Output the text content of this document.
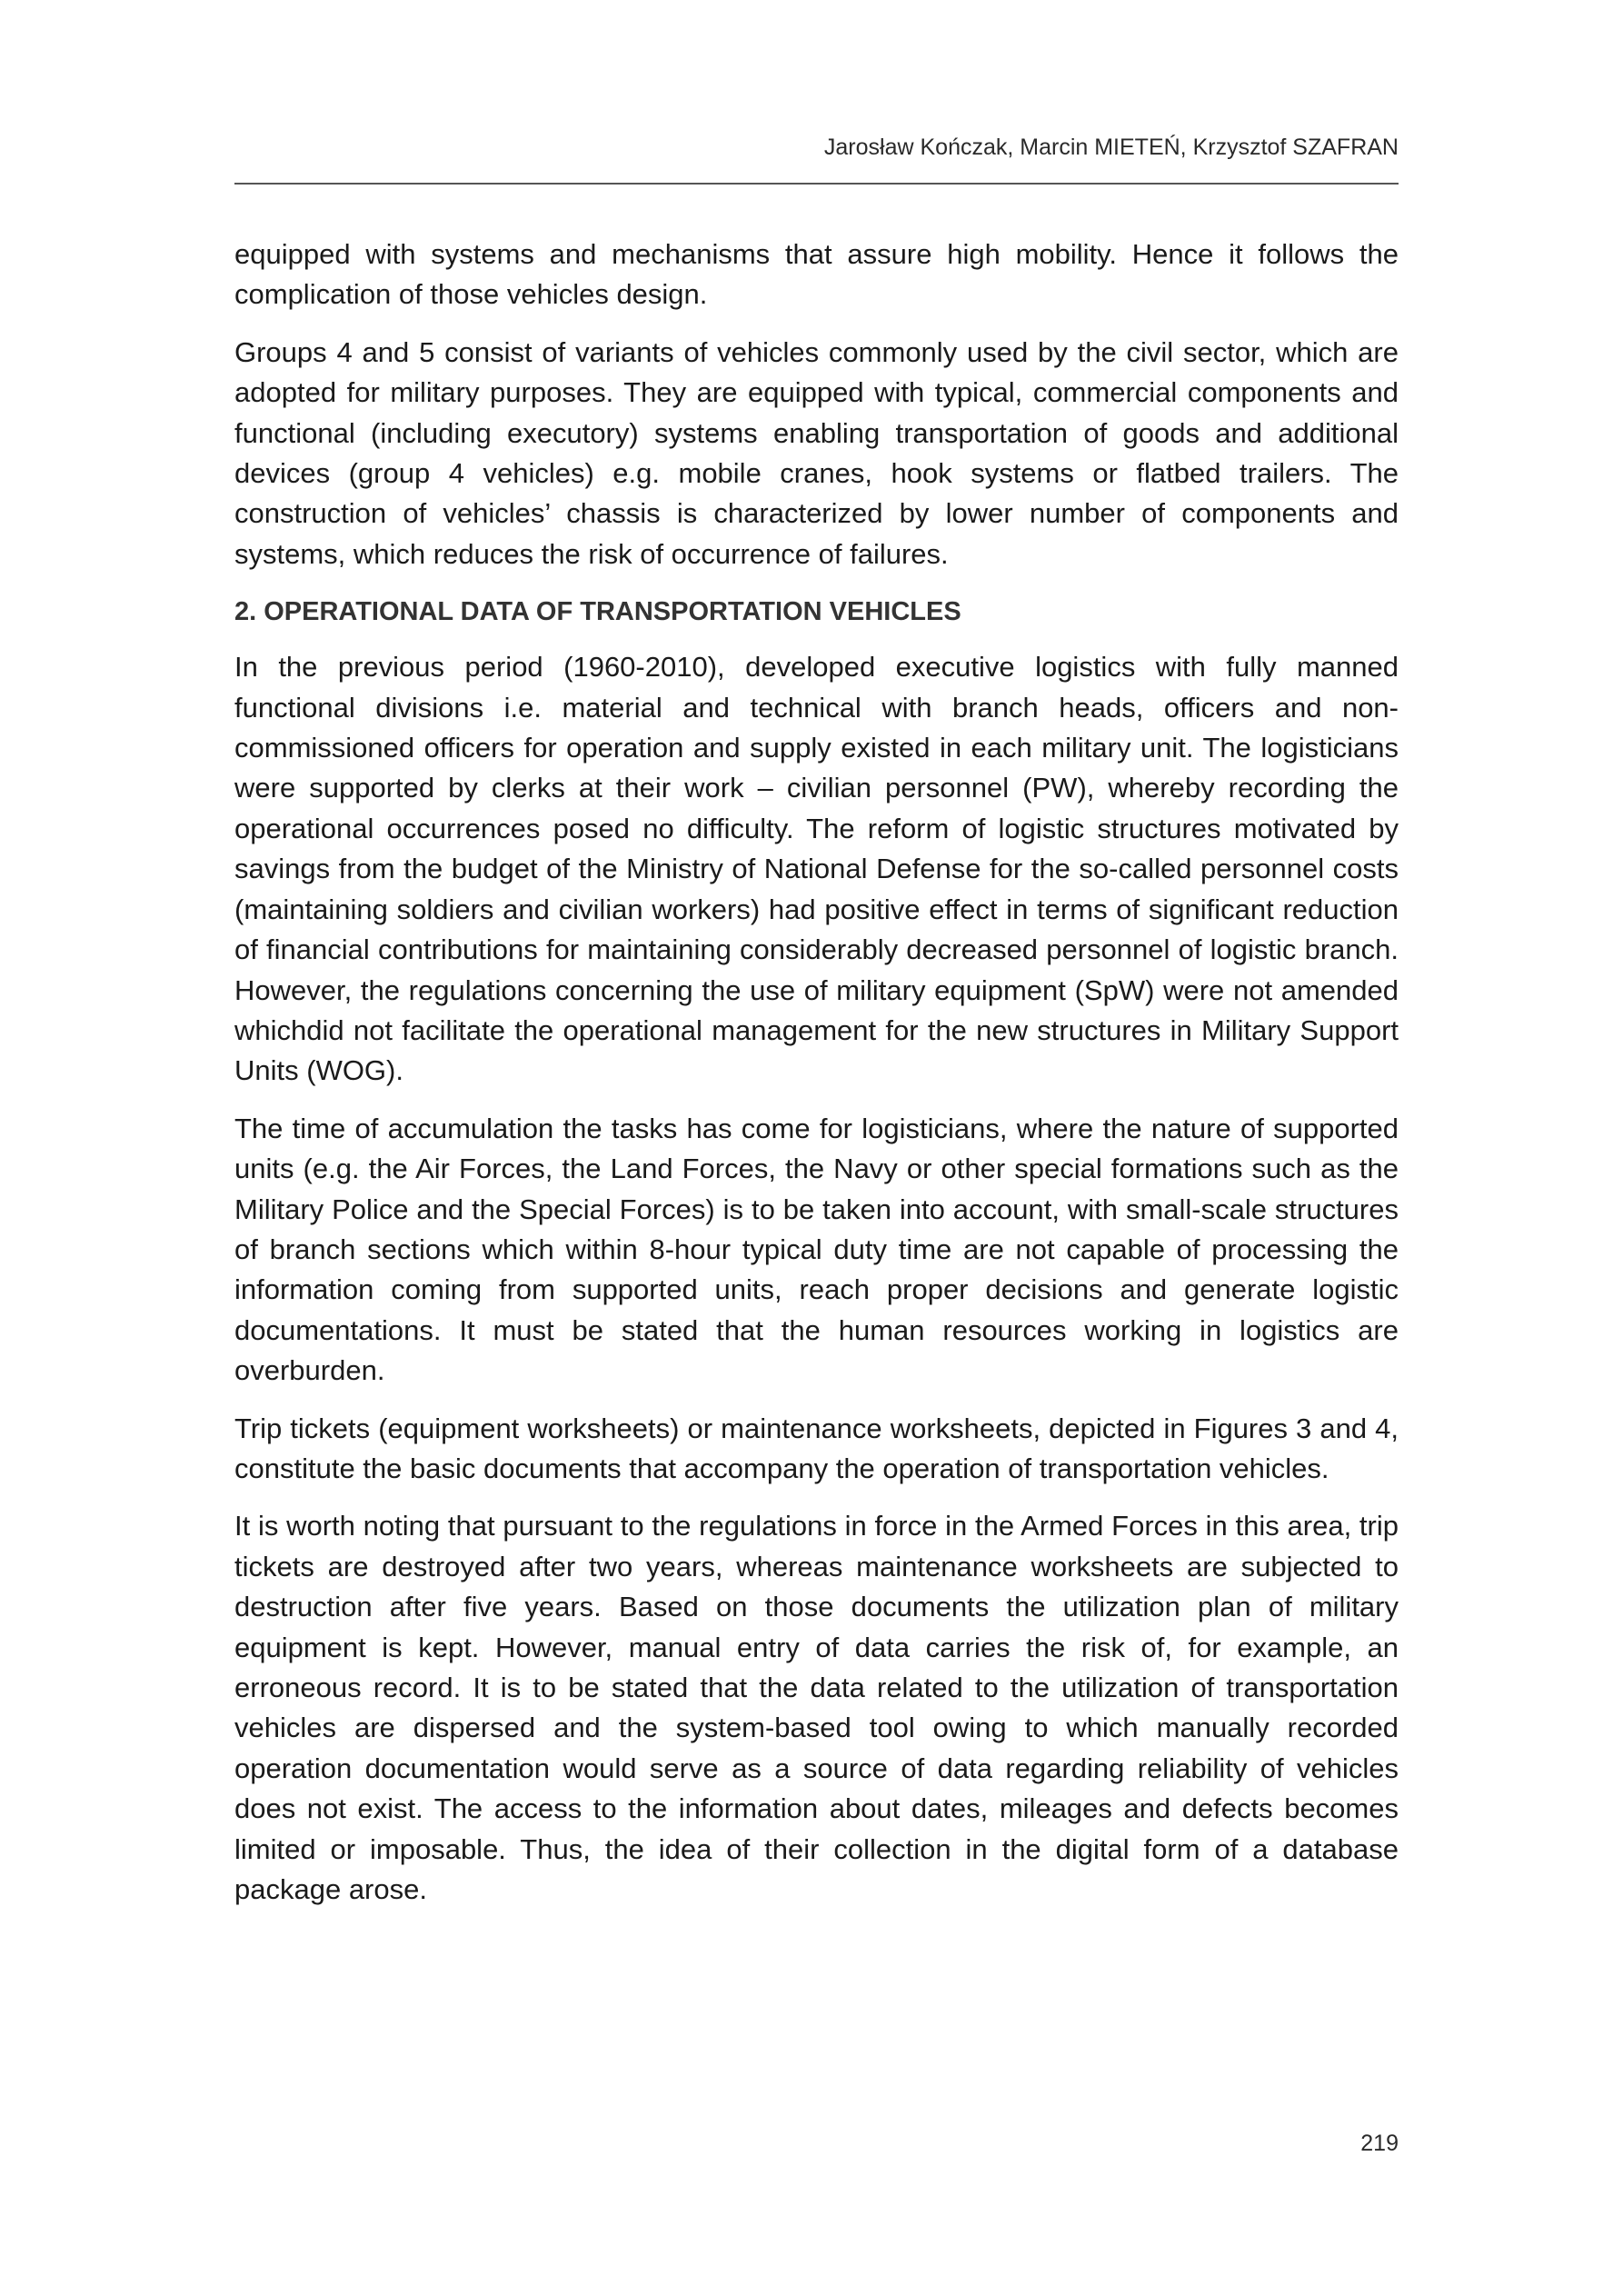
Jarosław Kończak, Marcin MIETEŃ, Krzysztof SZAFRAN

equipped with systems and mechanisms that assure high mobility. Hence it follows the complication of those vehicles design.

Groups 4 and 5 consist of variants of vehicles commonly used by the civil sector, which are adopted for military purposes. They are equipped with typical, commercial components and functional (including executory) systems enabling transportation of goods and additional devices (group 4 vehicles) e.g. mobile cranes, hook systems or flatbed trailers. The construction of vehicles’ chassis is characterized by lower number of components and systems, which reduces the risk of occurrence of failures.

2. OPERATIONAL DATA OF TRANSPORTATION VEHICLES

In the previous period (1960-2010), developed executive logistics with fully manned functional divisions i.e. material and technical with branch heads, officers and non-commissioned officers for operation and supply existed in each military unit. The logisticians were supported by clerks at their work – civilian personnel (PW), whereby recording the operational occurrences posed no difficulty. The reform of logistic structures motivated by savings from the budget of the Ministry of National Defense for the so-called personnel costs (maintaining soldiers and civilian workers) had positive effect in terms of significant reduction of financial contributions for maintaining considerably decreased personnel of logistic branch. However, the regulations concerning the use of military equipment (SpW) were not amended whichdid not facilitate the operational management for the new structures in Military Support Units (WOG).

The time of accumulation the tasks has come for logisticians, where the nature of supported units (e.g. the Air Forces, the Land Forces, the Navy or other special formations such as the Military Police and the Special Forces) is to be taken into account, with small-scale structures of branch sections which within 8-hour typical duty time are not capable of processing the information coming from supported units, reach proper decisions and generate logistic documentations. It must be stated that the human resources working in logistics are overburden.

Trip tickets (equipment worksheets) or maintenance worksheets, depicted in Figures 3 and 4, constitute the basic documents that accompany the operation of transportation vehicles.

It is worth noting that pursuant to the regulations in force in the Armed Forces in this area, trip tickets are destroyed after two years, whereas maintenance worksheets are subjected to destruction after five years. Based on those documents the utilization plan of military equipment is kept. However, manual entry of data carries the risk of, for example, an erroneous record. It is to be stated that the data related to the utilization of transportation vehicles are dispersed and the system-based tool owing to which manually recorded operation documentation would serve as a source of data regarding reliability of vehicles does not exist. The access to the information about dates, mileages and defects becomes limited or imposable. Thus, the idea of their collection in the digital form of a database package arose.

219
